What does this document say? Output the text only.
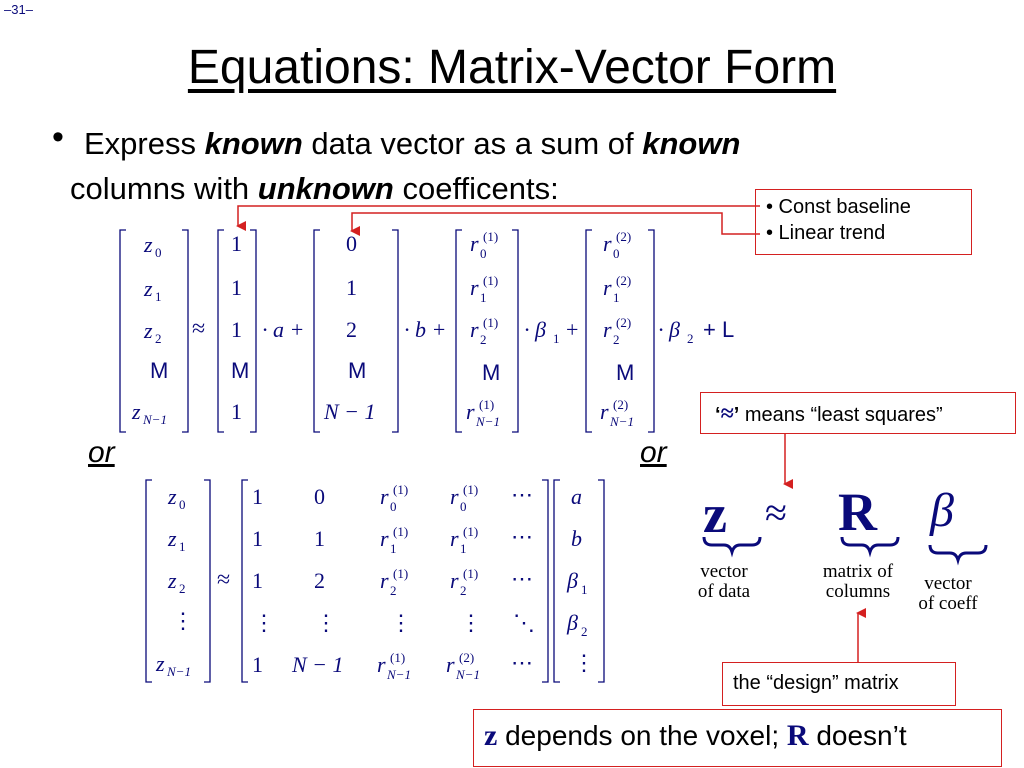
–31–
Equations: Matrix-Vector Form
• Express known data vector as a sum of known
columns with unknown coefficents:
• Const baseline
• Linear trend
z 0
z 1
z 2
M
z N−1
≈
1
1
1
M
1
· a +
0
1
2
M
N − 1
· b +
r (1)
0
r (1)
1
r (1)
2
M
r (1)
N−1
· β 1 +
r (2)
0
r (2)
1
r (2)
2
M
r (2)
N−1
· β 2 + L
or	or
z 0
z 1
z 2
⋮
z N−1
≈
1
1
1
⋮
1
0
1
2
⋮
N − 1
r (1)
0
r (1)
1
r (1)
2
⋮
r (1)
N−1
r (1)
0
r (1)
1
r (1)
2
⋮
r (2)
N−1
⋯
⋯
⋯
⋱
⋯
a
b
β 1
β 2
⋮
z ≈ R β
vector
of data
matrix of
columns	vector
of coeff
‘≈’ means “least squares”
the “design” matrix
z depends on the voxel; R doesn’t
